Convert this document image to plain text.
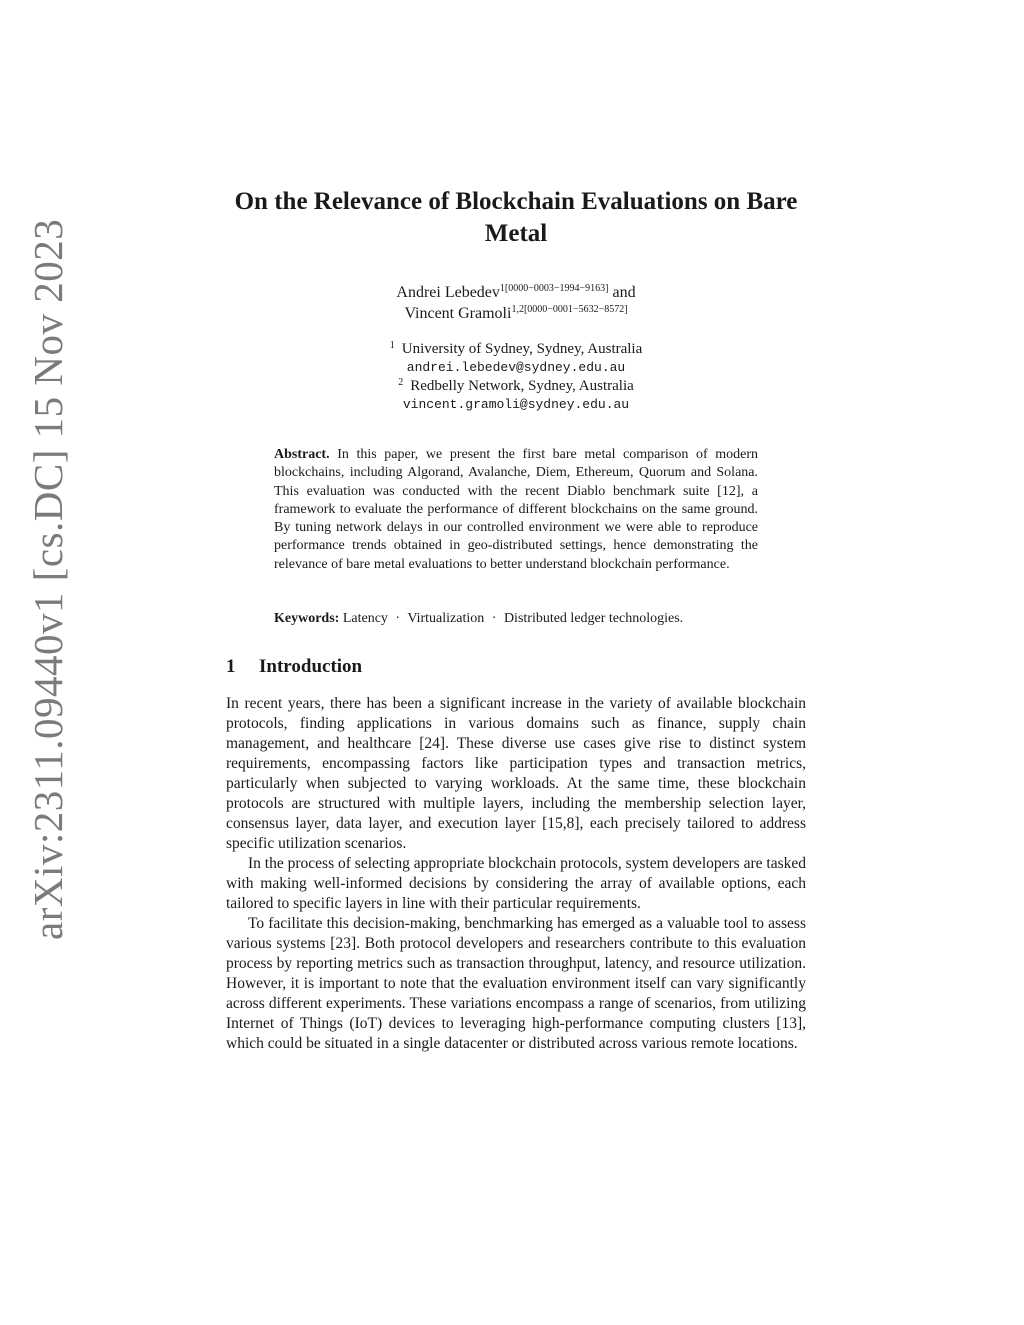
arXiv:2311.09440v1 [cs.DC] 15 Nov 2023
On the Relevance of Blockchain Evaluations on Bare Metal
Andrei Lebedev$^{1[0000-0003-1994-9163]}$ and
Vincent Gramoli$^{1,2[0000-0001-5632-8572]}$
$^1$ University of Sydney, Sydney, Australia
andrei.lebedev@sydney.edu.au
$^2$ Redbelly Network, Sydney, Australia
vincent.gramoli@sydney.edu.au
Abstract. In this paper, we present the first bare metal comparison of modern blockchains, including Algorand, Avalanche, Diem, Ethereum, Quorum and Solana. This evaluation was conducted with the recent Diablo benchmark suite [12], a framework to evaluate the performance of different blockchains on the same ground. By tuning network delays in our controlled environment we were able to reproduce performance trends obtained in geo-distributed settings, hence demonstrating the relevance of bare metal evaluations to better understand blockchain performance.
Keywords: Latency · Virtualization · Distributed ledger technologies.
1 Introduction

In recent years, there has been a significant increase in the variety of available blockchain protocols, finding applications in various domains such as finance, supply chain management, and healthcare [24]. These diverse use cases give rise to distinct system requirements, encompassing factors like participation types and transaction metrics, particularly when subjected to varying workloads. At the same time, these blockchain protocols are structured with multiple layers, including the membership selection layer, consensus layer, data layer, and execution layer [15,8], each precisely tailored to address specific utilization scenarios.

In the process of selecting appropriate blockchain protocols, system developers are tasked with making well-informed decisions by considering the array of available options, each tailored to specific layers in line with their particular requirements.

To facilitate this decision-making, benchmarking has emerged as a valuable tool to assess various systems [23]. Both protocol developers and researchers contribute to this evaluation process by reporting metrics such as transaction throughput, latency, and resource utilization. However, it is important to note that the evaluation environment itself can vary significantly across different experiments. These variations encompass a range of scenarios, from utilizing Internet of Things (IoT) devices to leveraging high-performance computing clusters [13], which could be situated in a single datacenter or distributed across various remote locations.
